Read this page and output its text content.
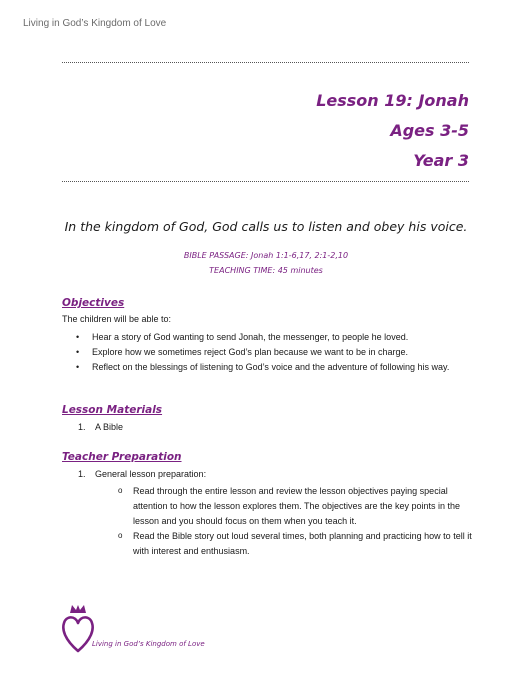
Living in God’s Kingdom of Love
Lesson 19: Jonah
Ages 3-5
Year 3
In the kingdom of God, God calls us to listen and obey his voice.
BIBLE PASSAGE: Jonah 1:1-6,17, 2:1-2,10
TEACHING TIME: 45 minutes
Objectives
The children will be able to:
• Hear a story of God wanting to send Jonah, the messenger, to people he loved.
• Explore how we sometimes reject God’s plan because we want to be in charge.
• Reflect on the blessings of listening to God’s voice and the adventure of following his way.
Lesson Materials
1. A Bible
Teacher Preparation
1. General lesson preparation:
o Read through the entire lesson and review the lesson objectives paying special attention to how the lesson explores them. The objectives are the key points in the lesson and you should focus on them when you teach it.
o Read the Bible story out loud several times, both planning and practicing how to tell it with interest and enthusiasm.
Living in God’s Kingdom of Love
